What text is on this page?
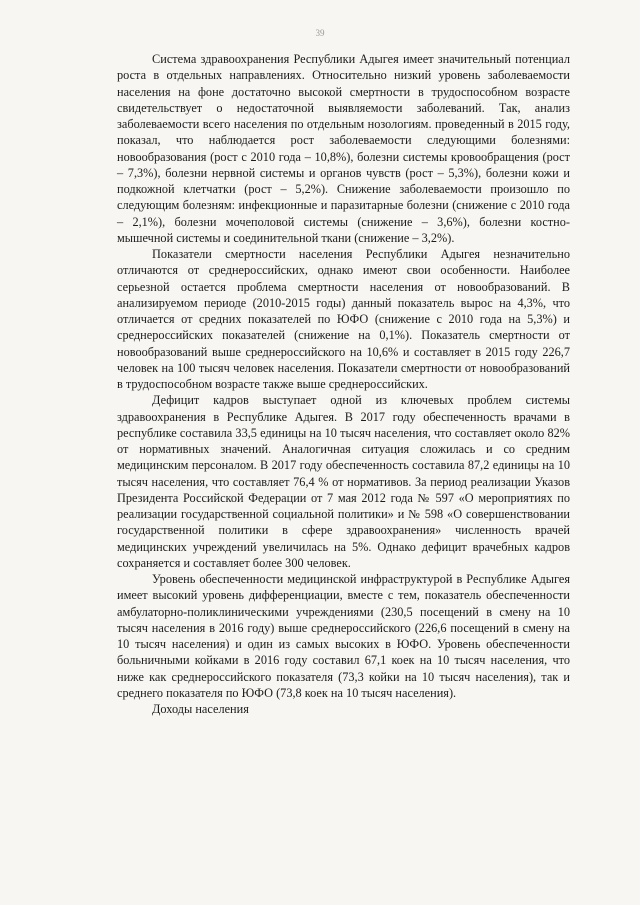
39

Система здравоохранения Республики Адыгея имеет значительный потенциал роста в отдельных направлениях. Относительно низкий уровень заболеваемости населения на фоне достаточно высокой смертности в трудоспособном возрасте свидетельствует о недостаточной выявляемости заболеваний. Так, анализ заболеваемости всего населения по отдельным нозологиям. проведенный в 2015 году, показал, что наблюдается рост заболеваемости следующими болезнями: новообразования (рост с 2010 года – 10,8%), болезни системы кровообращения (рост – 7,3%), болезни нервной системы и органов чувств (рост – 5,3%), болезни кожи и подкожной клетчатки (рост – 5,2%). Снижение заболеваемости произошло по следующим болезням: инфекционные и паразитарные болезни (снижение с 2010 года – 2,1%), болезни мочеполовой системы (снижение – 3,6%), болезни костно-мышечной системы и соединительной ткани (снижение – 3,2%).

Показатели смертности населения Республики Адыгея незначительно отличаются от среднероссийских, однако имеют свои особенности. Наиболее серьезной остается проблема смертности населения от новообразований. В анализируемом периоде (2010-2015 годы) данный показатель вырос на 4,3%, что отличается от средних показателей по ЮФО (снижение с 2010 года на 5,3%) и среднероссийских показателей (снижение на 0,1%). Показатель смертности от новообразований выше среднероссийского на 10,6% и составляет в 2015 году 226,7 человек на 100 тысяч человек населения. Показатели смертности от новообразований в трудоспособном возрасте также выше среднероссийских.

Дефицит кадров выступает одной из ключевых проблем системы здравоохранения в Республике Адыгея. В 2017 году обеспеченность врачами в республике составила 33,5 единицы на 10 тысяч населения, что составляет около 82% от нормативных значений. Аналогичная ситуация сложилась и со средним медицинским персоналом. В 2017 году обеспеченность составила 87,2 единицы на 10 тысяч населения, что составляет 76,4 % от нормативов. За период реализации Указов Президента Российской Федерации от 7 мая 2012 года № 597 «О мероприятиях по реализации государственной социальной политики» и № 598 «О совершенствовании государственной политики в сфере здравоохранения» численность врачей медицинских учреждений увеличилась на 5%. Однако дефицит врачебных кадров сохраняется и составляет более 300 человек.

Уровень обеспеченности медицинской инфраструктурой в Республике Адыгея имеет высокий уровень дифференциации, вместе с тем, показатель обеспеченности амбулаторно-поликлиническими учреждениями (230,5 посещений в смену на 10 тысяч населения в 2016 году) выше среднероссийского (226,6 посещений в смену на 10 тысяч населения) и один из самых высоких в ЮФО. Уровень обеспеченности больничными койками в 2016 году составил 67,1 коек на 10 тысяч населения, что ниже как среднероссийского показателя (73,3 койки на 10 тысяч населения), так и среднего показателя по ЮФО (73,8 коек на 10 тысяч населения).

Доходы населения
